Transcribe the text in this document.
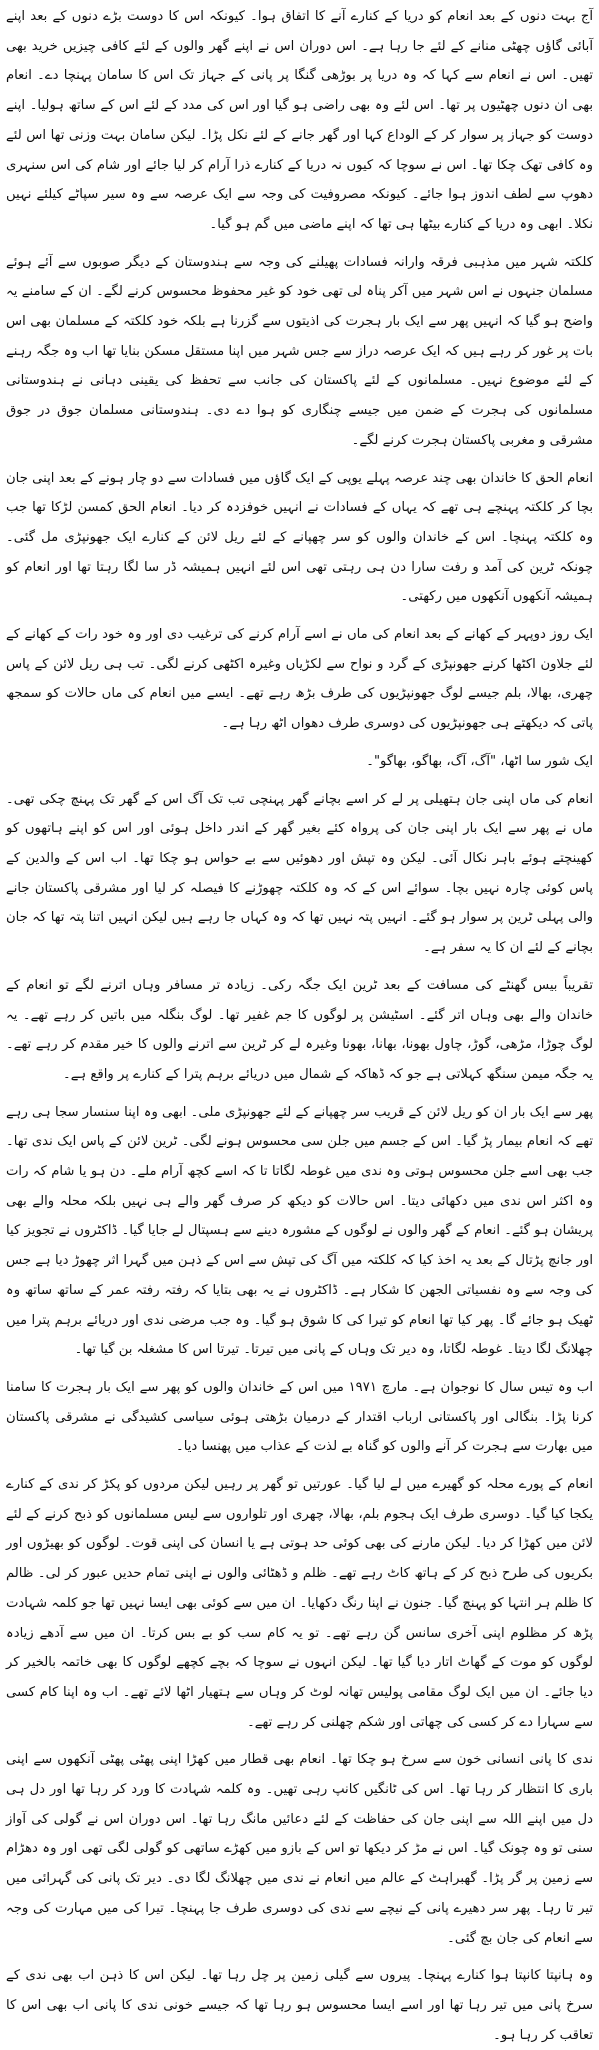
آج بہت دنوں کے بعد انعام کو دریا کے کنارے آنے کا اتفاق ہوا۔ کیونکہ اس کا دوست بڑے دنوں کے بعد اپنے آبائی گاؤں چھٹی منانے کے لئے جا رہا ہے۔ اس دوران اس نے اپنے گھر والوں کے لئے کافی چیزیں خرید بھی تھیں۔ اس نے انعام سے کہا کہ وہ دریا پر بوڑھی گنگا پر پانی کے جہاز تک اس کا سامان پہنچا دے۔ انعام بھی ان دنوں چھٹیوں پر تھا۔ اس لئے وہ بھی راضی ہو گیا اور اس کی مدد کے لئے اس کے ساتھ ہولیا۔ اپنے دوست کو جہاز پر سوار کر کے الوداع کہا اور گھر جانے کے لئے نکل پڑا۔ لیکن سامان بہت وزنی تھا اس لئے وہ کافی تھک چکا تھا۔ اس نے سوچا کہ کیوں نہ دریا کے کنارے ذرا آرام کر لیا جائے اور شام کی اس سنہری دھوپ سے لطف اندوز ہوا جائے۔ کیونکہ مصروفیت کی وجہ سے ایک عرصہ سے وہ سیر سپاٹے کیلئے نہیں نکلا۔ ابھی وہ دریا کے کنارے بیٹھا ہی تھا کہ اپنے ماضی میں گم ہو گیا۔

کلکتہ شہر میں مذہبی فرقہ وارانہ فسادات پھیلنے کی وجہ سے ہندوستان کے دیگر صوبوں سے آئے ہوئے مسلمان جنہوں نے اس شہر میں آکر پناہ لی تھی خود کو غیر محفوظ محسوس کرنے لگے۔ ان کے سامنے یہ واضح ہو گیا کہ انہیں پھر سے ایک بار ہجرت کی اذیتوں سے گزرنا ہے بلکہ خود کلکتہ کے مسلمان بھی اس بات پر غور کر رہے ہیں کہ ایک عرصہ دراز سے جس شہر میں اپنا مستقل مسکن بنایا تھا اب وہ جگہ رہنے کے لئے موضوع نہیں۔ مسلمانوں کے لئے پاکستان کی جانب سے تحفظ کی یقینی دہانی نے ہندوستانی مسلمانوں کی ہجرت کے ضمن میں جیسے چنگاری کو ہوا دے دی۔ ہندوستانی مسلمان جوق در جوق مشرقی و مغربی پاکستان ہجرت کرنے لگے۔

انعام الحق کا خاندان بھی چند عرصہ پہلے یوپی کے ایک گاؤں میں فسادات سے دو چار ہونے کے بعد اپنی جان بچا کر کلکتہ پہنچے ہی تھے کہ یہاں کے فسادات نے انہیں خوفزدہ کر دیا۔ انعام الحق کمسن لڑکا تھا جب وہ کلکتہ پہنچا۔ اس کے خاندان والوں کو سر چھپانے کے لئے ریل لائن کے کنارے ایک جھونپڑی مل گئی۔ چونکہ ٹرین کی آمد و رفت سارا دن ہی رہتی تھی اس لئے انہیں ہمیشہ ڈر سا لگا رہتا تھا اور انعام کو ہمیشہ آنکھوں آنکھوں میں رکھتی۔

ایک روز دوپہر کے کھانے کے بعد انعام کی ماں نے اسے آرام کرنے کی ترغیب دی اور وہ خود رات کے کھانے کے لئے جلاون اکٹھا کرنے جھونپڑی کے گرد و نواح سے لکڑیاں وغیرہ اکٹھی کرنے لگی۔ تب ہی ریل لائن کے پاس چھری، بھالا، بلم جیسے لوگ جھونپڑیوں کی طرف بڑھ رہے تھے۔ ایسے میں انعام کی ماں حالات کو سمجھ پاتی کہ دیکھتے ہی جھونپڑیوں کی دوسری طرف دھواں اٹھ رہا ہے۔

ایک شور سا اٹھا، "آگ، آگ، بھاگو، بھاگو"۔

انعام کی ماں اپنی جان ہتھیلی پر لے کر اسے بچانے گھر پہنچی تب تک آگ اس کے گھر تک پہنچ چکی تھی۔ ماں نے پھر سے ایک بار اپنی جان کی پرواہ کئے بغیر گھر کے اندر داخل ہوئی اور اس کو اپنے ہاتھوں کو کھینچتے ہوئے باہر نکال آئی۔ لیکن وہ تپش اور دھوئیں سے بے حواس ہو چکا تھا۔ اب اس کے والدین کے پاس کوئی چارہ نہیں بچا۔ سوائے اس کے کہ وہ کلکتہ چھوڑنے کا فیصلہ کر لیا اور مشرقی پاکستان جانے والی پہلی ٹرین پر سوار ہو گئے۔ انہیں پتہ نہیں تھا کہ وہ کہاں جا رہے ہیں لیکن انہیں اتنا پتہ تھا کہ جان بچانے کے لئے ان کا یہ سفر ہے۔

تقریباً بیس گھنٹے کی مسافت کے بعد ٹرین ایک جگہ رکی۔ زیادہ تر مسافر وہاں اترنے لگے تو انعام کے خاندان والے بھی وہاں اتر گئے۔ اسٹیشن پر لوگوں کا جم غفیر تھا۔ لوگ بنگلہ میں باتیں کر رہے تھے۔ یہ لوگ چوڑا، مڑھی، گوڑ، چاول بھونا، بھانا، بھونا وغیرہ لے کر ٹرین سے اترنے والوں کا خیر مقدم کر رہے تھے۔ یہ جگہ میمن سنگھ کہلاتی ہے جو کہ ڈھاکہ کے شمال میں دریائے برہم پترا کے کنارے پر واقع ہے۔

پھر سے ایک بار ان کو ریل لائن کے قریب سر چھپانے کے لئے جھونپڑی ملی۔ ابھی وہ اپنا سنسار سجا ہی رہے تھے کہ انعام بیمار پڑ گیا۔ اس کے جسم میں جلن سی محسوس ہونے لگی۔ ٹرین لائن کے پاس ایک ندی تھا۔ جب بھی اسے جلن محسوس ہوتی وہ ندی میں غوطہ لگاتا تا کہ اسے کچھ آرام ملے۔ دن ہو یا شام کہ رات وہ اکثر اس ندی میں دکھائی دیتا۔ اس حالات کو دیکھ کر صرف گھر والے ہی نہیں بلکہ محلہ والے بھی پریشان ہو گئے۔ انعام کے گھر والوں نے لوگوں کے مشورہ دینے سے ہسپتال لے جایا گیا۔ ڈاکٹروں نے تجویز کیا اور جانچ پڑتال کے بعد یہ اخذ کیا کہ کلکتہ میں آگ کی تپش سے اس کے ذہن میں گہرا اثر چھوڑ دیا ہے جس کی وجہ سے وہ نفسیاتی الجھن کا شکار ہے۔ ڈاکٹروں نے یہ بھی بتایا کہ رفتہ رفتہ عمر کے ساتھ ساتھ وہ ٹھیک ہو جائے گا۔ پھر کیا تھا انعام کو تیرا کی کا شوق ہو گیا۔ وہ جب مرضی ندی اور دریائے برہم پترا میں چھلانگ لگا دیتا۔ غوطہ لگاتا، وہ دیر تک وہاں کے پانی میں تیرتا۔ تیرتا اس کا مشغلہ بن گیا تھا۔

اب وہ تیس سال کا نوجوان ہے۔ مارچ ۱۹۷۱ میں اس کے خاندان والوں کو پھر سے ایک بار ہجرت کا سامنا کرنا پڑا۔ بنگالی اور پاکستانی ارباب اقتدار کے درمیان بڑھتی ہوئی سیاسی کشیدگی نے مشرقی پاکستان میں بھارت سے ہجرت کر آنے والوں کو گناہ بے لذت کے عذاب میں پھنسا دیا۔

انعام کے پورے محلہ کو گھیرے میں لے لیا گیا۔ عورتیں تو گھر پر رہیں لیکن مردوں کو پکڑ کر ندی کے کنارے یکجا کیا گیا۔ دوسری طرف ایک ہجوم بلم، بھالا، چھری اور تلواروں سے لیس مسلمانوں کو ذبح کرنے کے لئے لائن میں کھڑا کر دیا۔ لیکن مارنے کی بھی کوئی حد ہوتی ہے یا انسان کی اپنی قوت۔ لوگوں کو بھیڑوں اور بکریوں کی طرح ذبح کر کے ہاتھ کاٹ رہے تھے۔ ظلم و ڈھٹائی والوں نے اپنی تمام حدیں عبور کر لی۔ ظالم کا ظلم ہر انتہا کو پہنچ گیا۔ جنون نے اپنا رنگ دکھایا۔ ان میں سے کوئی بھی ایسا نہیں تھا جو کلمہ شہادت پڑھ کر مظلوم اپنی آخری سانس گن رہے تھے۔ تو یہ کام سب کو بے بس کرتا۔ ان میں سے آدھے زیادہ لوگوں کو موت کے گھاٹ اتار دیا گیا تھا۔ لیکن انہوں نے سوچا کہ بچے کچھے لوگوں کا بھی خاتمہ بالخیر کر دیا جائے۔ ان میں ایک لوگ مقامی پولیس تھانہ لوٹ کر وہاں سے ہتھیار اٹھا لائے تھے۔ اب وہ اپنا کام کسی سے سہارا دے کر کسی کی چھاتی اور شکم چھلنی کر رہے تھے۔

ندی کا پانی انسانی خون سے سرخ ہو چکا تھا۔ انعام بھی قطار میں کھڑا اپنی پھٹی پھٹی آنکھوں سے اپنی باری کا انتظار کر رہا تھا۔ اس کی ٹانگیں کانپ رہی تھیں۔ وہ کلمہ شہادت کا ورد کر رہا تھا اور دل ہی دل میں اپنے اللہ سے اپنی جان کی حفاظت کے لئے دعائیں مانگ رہا تھا۔ اس دوران اس نے گولی کی آواز سنی تو وہ چونک گیا۔ اس نے مڑ کر دیکھا تو اس کے بازو میں کھڑے ساتھی کو گولی لگی تھی اور وہ دھڑام سے زمین پر گر پڑا۔ گھبراہٹ کے عالم میں انعام نے ندی میں چھلانگ لگا دی۔ دیر تک پانی کی گہرائی میں تیر تا رہا۔ پھر سر دھیرے پانی کے نیچے سے ندی کی دوسری طرف جا پہنچا۔ تیرا کی میں مہارت کی وجہ سے انعام کی جان بچ گئی۔

وہ ہانپتا کانپتا ہوا کنارے پہنچا۔ پیروں سے گیلی زمین پر چل رہا تھا۔ لیکن اس کا ذہن اب بھی ندی کے سرخ پانی میں تیر رہا تھا اور اسے ایسا محسوس ہو رہا تھا کہ جیسے خونی ندی کا پانی اب بھی اس کا تعاقب کر رہا ہو۔
